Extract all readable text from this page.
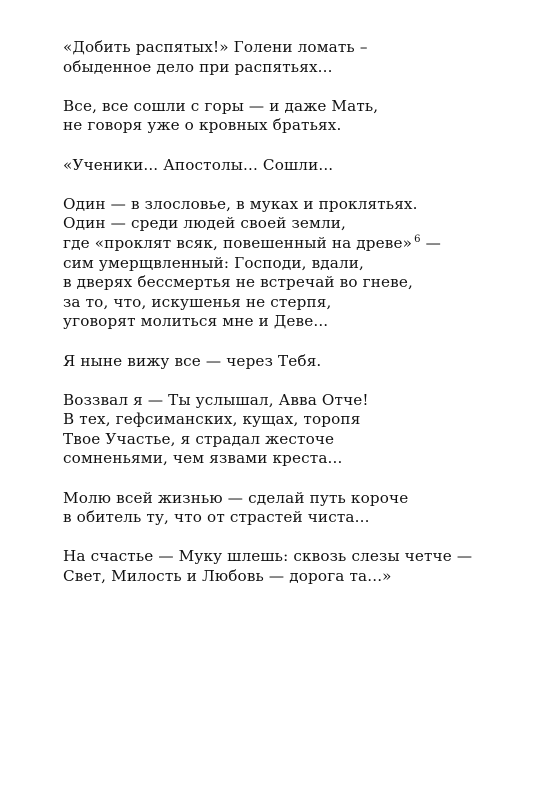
«Добить распятых!» Голени ломать –
обыденное дело при распятьях...
Все, все сошли с горы — и даже Мать,
не говоря уже о кровных братьях.
«Ученики... Апостолы... Сошли...
Один — в злословье, в муках и проклятьях.
Один — среди людей своей земли,
где «проклят всяк, повешенный на древе» $^6$ —
сим умерщвленный: Господи, вдали,
в дверях бессмертья не встречай во гневе,
за то, что, искушенья не стерпя,
уговорят молиться мне и Деве...
Я ныне вижу все — через Тебя.
Воззвал я — Ты услышал, Авва Отче!
В тех, гефсиманских, кущах, торопя
Твое Участье, я страдал жесточе
сомненьями, чем язвами креста...
Молю всей жизнью — сделай путь короче
в обитель ту, что от страстей чиста...
На счастье — Муку шлешь: сквозь слезы четче —
Свет, Милость и Любовь — дорога та...»
